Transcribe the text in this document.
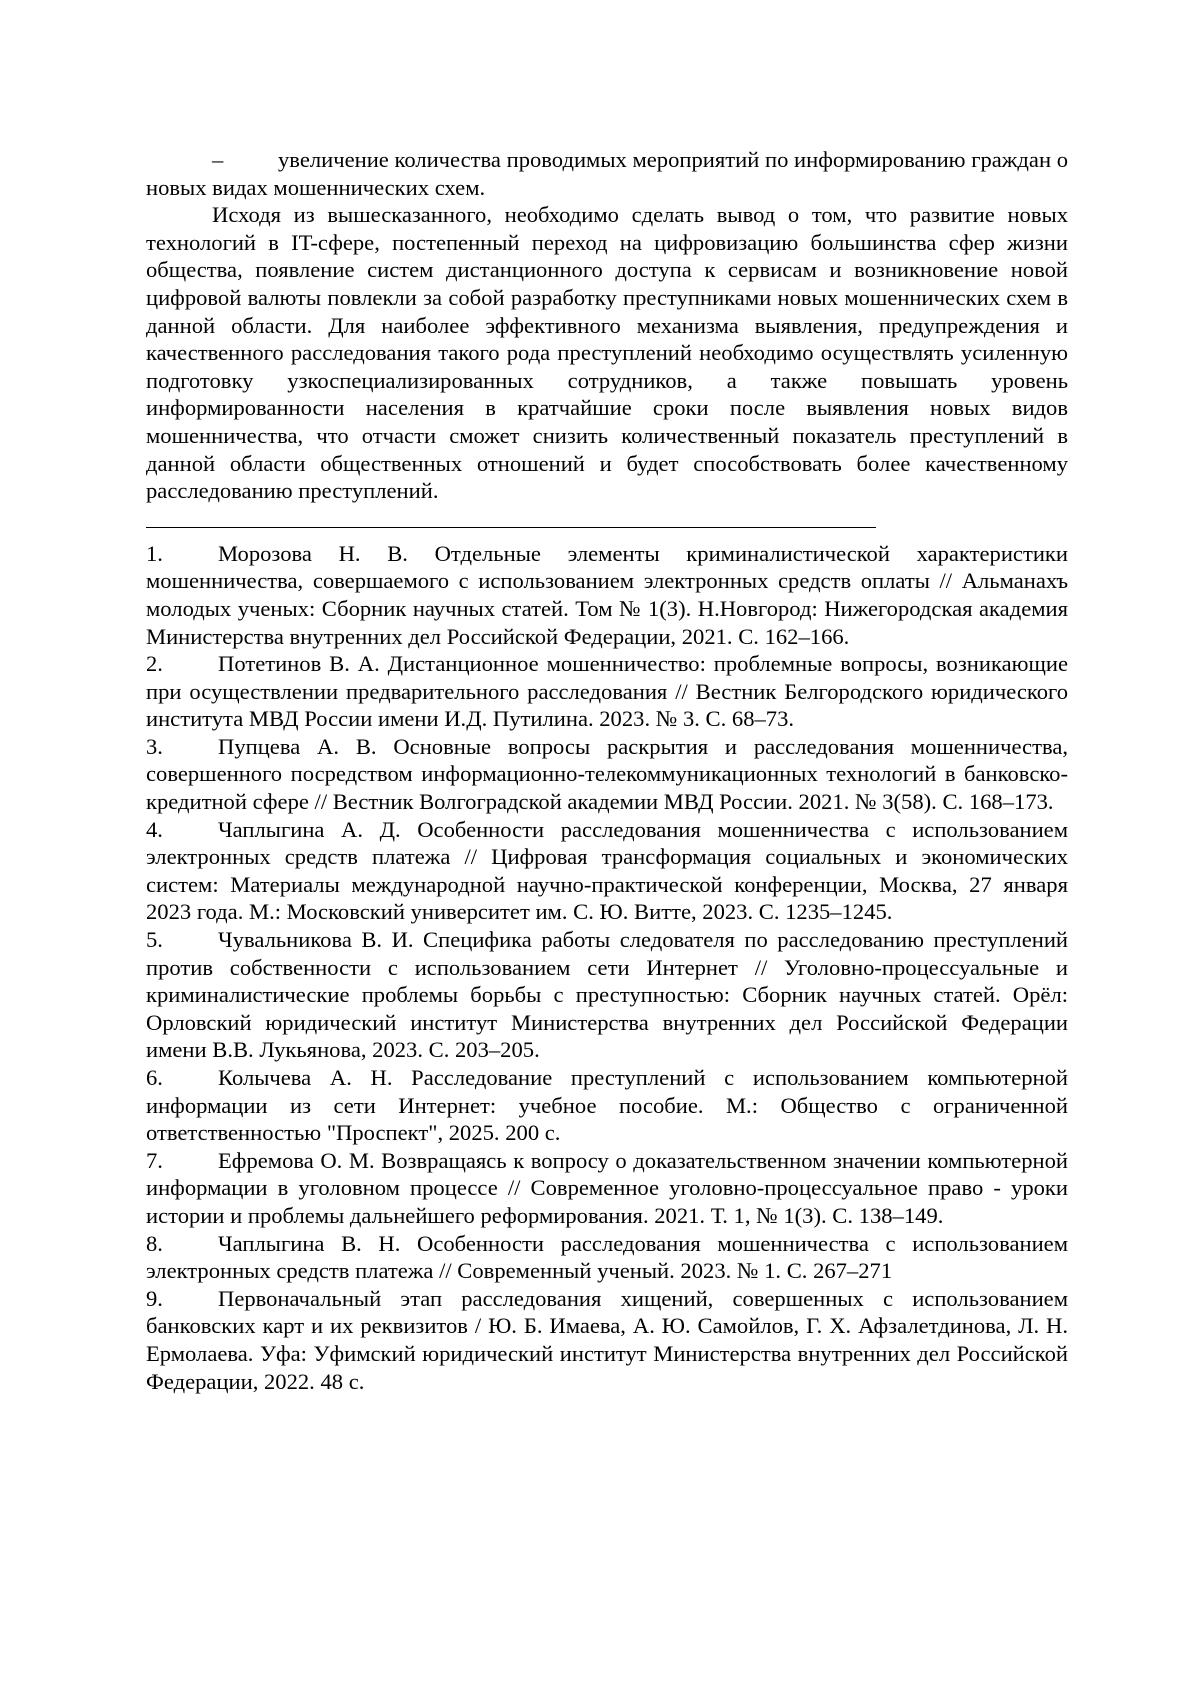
– увеличение количества проводимых мероприятий по информированию граждан о новых видах мошеннических схем.

Исходя из вышесказанного, необходимо сделать вывод о том, что развитие новых технологий в IT-сфере, постепенный переход на цифровизацию большинства сфер жизни общества, появление систем дистанционного доступа к сервисам и возникновение новой цифровой валюты повлекли за собой разработку преступниками новых мошеннических схем в данной области. Для наиболее эффективного механизма выявления, предупреждения и качественного расследования такого рода преступлений необходимо осуществлять усиленную подготовку узкоспециализированных сотрудников, а также повышать уровень информированности населения в кратчайшие сроки после выявления новых видов мошенничества, что отчасти сможет снизить количественный показатель преступлений в данной области общественных отношений и будет способствовать более качественному расследованию преступлений.

1. Морозова Н. В. Отдельные элементы криминалистической характеристики мошенничества, совершаемого с использованием электронных средств оплаты // Альманахъ молодых ученых: Сборник научных статей. Том № 1(3). Н.Новгород: Нижегородская академия Министерства внутренних дел Российской Федерации, 2021. С. 162–166.

2. Потетинов В. А. Дистанционное мошенничество: проблемные вопросы, возникающие при осуществлении предварительного расследования // Вестник Белгородского юридического института МВД России имени И.Д. Путилина. 2023. № 3. С. 68–73.

3. Пупцева А. В. Основные вопросы раскрытия и расследования мошенничества, совершенного посредством информационно-телекоммуникационных технологий в банковско-кредитной сфере // Вестник Волгоградской академии МВД России. 2021. № 3(58). С. 168–173.

4. Чаплыгина А. Д. Особенности расследования мошенничества с использованием электронных средств платежа // Цифровая трансформация социальных и экономических систем: Материалы международной научно-практической конференции, Москва, 27 января 2023 года. М.: Московский университет им. С. Ю. Витте, 2023. С. 1235–1245.

5. Чувальникова В. И. Специфика работы следователя по расследованию преступлений против собственности с использованием сети Интернет // Уголовно-процессуальные и криминалистические проблемы борьбы с преступностью: Сборник научных статей. Орёл: Орловский юридический институт Министерства внутренних дел Российской Федерации имени В.В. Лукьянова, 2023. С. 203–205.

6. Колычева А. Н. Расследование преступлений с использованием компьютерной информации из сети Интернет: учебное пособие. М.: Общество с ограниченной ответственностью "Проспект", 2025. 200 с.

7. Ефремова О. М. Возвращаясь к вопросу о доказательственном значении компьютерной информации в уголовном процессе // Современное уголовно-процессуальное право - уроки истории и проблемы дальнейшего реформирования. 2021. Т. 1, № 1(3). С. 138–149.

8. Чаплыгина В. Н. Особенности расследования мошенничества с использованием электронных средств платежа // Современный ученый. 2023. № 1. С. 267–271

9. Первоначальный этап расследования хищений, совершенных с использованием банковских карт и их реквизитов / Ю. Б. Имаева, А. Ю. Самойлов, Г. Х. Афзалетдинова, Л. Н. Ермолаева. Уфа: Уфимский юридический институт Министерства внутренних дел Российской Федерации, 2022. 48 с.
